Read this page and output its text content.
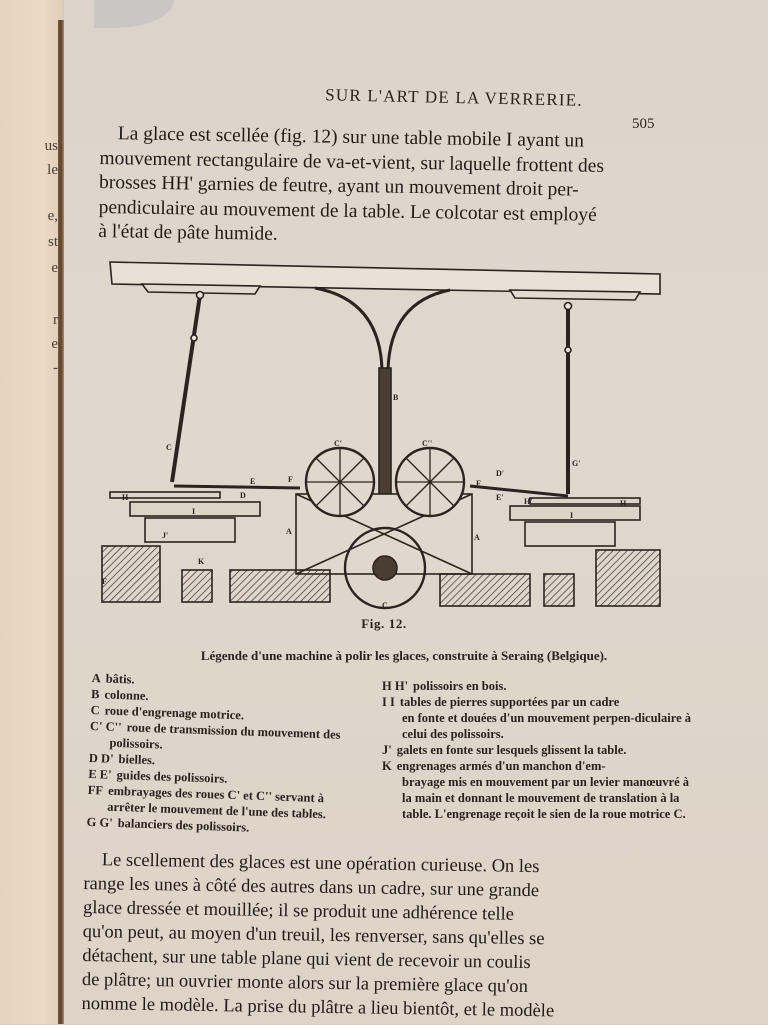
us
le
e,
st
e
r
e
-
SUR L'ART DE LA VERRERIE.
505
La glace est scellée (fig. 12) sur une table mobile I ayant un
mouvement rectangulaire de va-et-vient, sur laquelle frottent des
brosses HH' garnies de feutre, ayant un mouvement droit per-
pendiculaire au mouvement de la table. Le colcotar est employé
à l'état de pâte humide.
C
E
H	D
I
J'
K
A
F
C'
B
C''
D'
E'
F
G'
H'	H
I
A
C
F
Fig. 12.
Légende d'une machine à polir les glaces, construite à Seraing (Belgique).
A bâtis.
B colonne.
C roue d'engrenage motrice.
C' C'' roue de transmission du mouvement des
polissoirs.
D D' bielles.
E E' guides des polissoirs.
FF embrayages des roues C' et C'' servant à
arrêter le mouvement de l'une des tables.
G G' balanciers des polissoirs.
H H' polissoirs en bois.
I I tables de pierres supportées par un cadre
en fonte et douées d'un mouvement perpen-diculaire à celui des polissoirs.
J' galets en fonte sur lesquels glissent la table.
K engrenages armés d'un manchon d'em-
brayage mis en mouvement par un levier manœuvré à la main et donnant le mouvement de translation à la table. L'engrenage reçoit le sien de la roue motrice C.
Le scellement des glaces est une opération curieuse. On les
range les unes à côté des autres dans un cadre, sur une grande
glace dressée et mouillée; il se produit une adhérence telle
qu'on peut, au moyen d'un treuil, les renverser, sans qu'elles se
détachent, sur une table plane qui vient de recevoir un coulis
de plâtre; un ouvrier monte alors sur la première glace qu'on
nomme le modèle. La prise du plâtre a lieu bientôt, et le modèle
